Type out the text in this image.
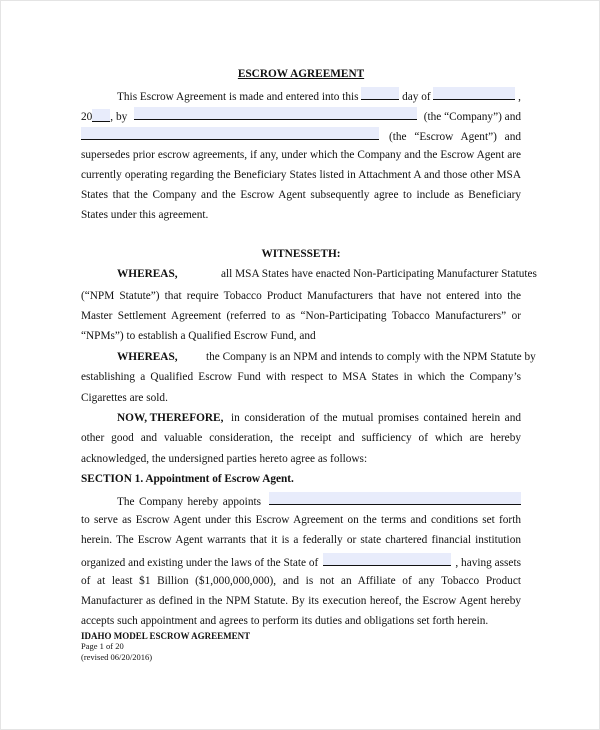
ESCROW AGREEMENT
This Escrow Agreement is made and entered into this	day of	,
20 , by	(the “Company”) and
(the “Escrow Agent”) and
supersedes prior escrow agreements, if any, under which the Company and the Escrow Agent are
currently operating regarding the Beneficiary States listed in Attachment A and those other MSA
States that the Company and the Escrow Agent subsequently agree to include as Beneficiary
States under this agreement.
WITNESSETH:
WHEREAS,	all MSA States have enacted Non-Participating Manufacturer Statutes
(“NPM Statute”) that require Tobacco Product Manufacturers that have not entered into the
Master Settlement Agreement (referred to as “Non-Participating Tobacco Manufacturers” or
“NPMs”) to establish a Qualified Escrow Fund, and
WHEREAS,	the Company is an NPM and intends to comply with the NPM Statute by
establishing a Qualified Escrow Fund with respect to MSA States in which the Company’s
Cigarettes are sold.
NOW, THEREFORE, in consideration of the mutual promises contained herein and
other good and valuable consideration, the receipt and sufficiency of which are hereby
acknowledged, the undersigned parties hereto agree as follows:
SECTION 1. Appointment of Escrow Agent.
The Company hereby appoints
to serve as Escrow Agent under this Escrow Agreement on the terms and conditions set forth
herein. The Escrow Agent warrants that it is a federally or state chartered financial institution
organized and existing under the laws of the State of	, having assets
of at least $1 Billion ($1,000,000,000), and is not an Affiliate of any Tobacco Product
Manufacturer as defined in the NPM Statute. By its execution hereof, the Escrow Agent hereby
accepts such appointment and agrees to perform its duties and obligations set forth herein.
IDAHO MODEL ESCROW AGREEMENT
Page 1 of 20
(revised 06/20/2016)
